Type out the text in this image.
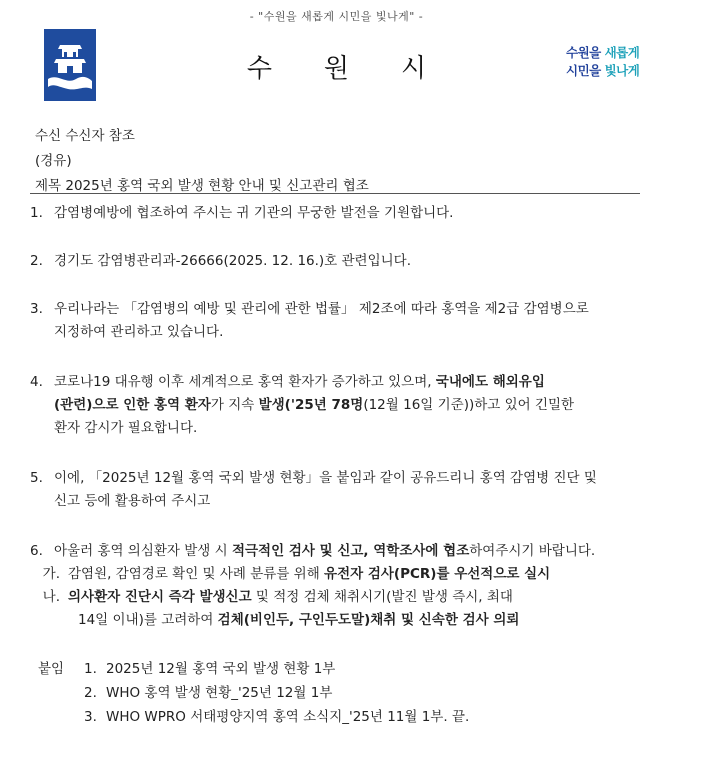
- "수원을 새롭게 시민을 빛나게" -
수원시
수원을 새롭게
시민을 빛나게
수신 수신자 참조
(경유)
제목 2025년 홍역 국외 발생 현황 안내 및 신고관리 협조
1. 감염병예방에 협조하여 주시는 귀 기관의 무궁한 발전을 기원합니다.
2. 경기도 감염병관리과-26666(2025. 12. 16.)호 관련입니다.
3. 우리나라는 「감염병의 예방 및 관리에 관한 법률」 제2조에 따라 홍역을 제2급 감염병으로
지정하여 관리하고 있습니다.
4. 코로나19 대유행 이후 세계적으로 홍역 환자가 증가하고 있으며, 국내에도 해외유입
(관련)으로 인한 홍역 환자가 지속 발생('25년 78명(12월 16일 기준))하고 있어 긴밀한
환자 감시가 필요합니다.
5. 이에, 「2025년 12월 홍역 국외 발생 현황」을 붙임과 같이 공유드리니 홍역 감염병 진단 및
신고 등에 활용하여 주시고
6. 아울러 홍역 의심환자 발생 시 적극적인 검사 및 신고, 역학조사에 협조하여주시기 바랍니다.
가. 감염원, 감염경로 확인 및 사례 분류를 위해 유전자 검사(PCR)를 우선적으로 실시
나. 의사환자 진단시 즉각 발생신고 및 적정 검체 채취시기(발진 발생 즉시, 최대
14일 이내)를 고려하여 검체(비인두, 구인두도말)채취 및 신속한 검사 의뢰
붙임	1. 2025년 12월 홍역 국외 발생 현황 1부
2. WHO 홍역 발생 현황_'25년 12월 1부
3. WHO WPRO 서태평양지역 홍역 소식지_'25년 11월 1부. 끝.
